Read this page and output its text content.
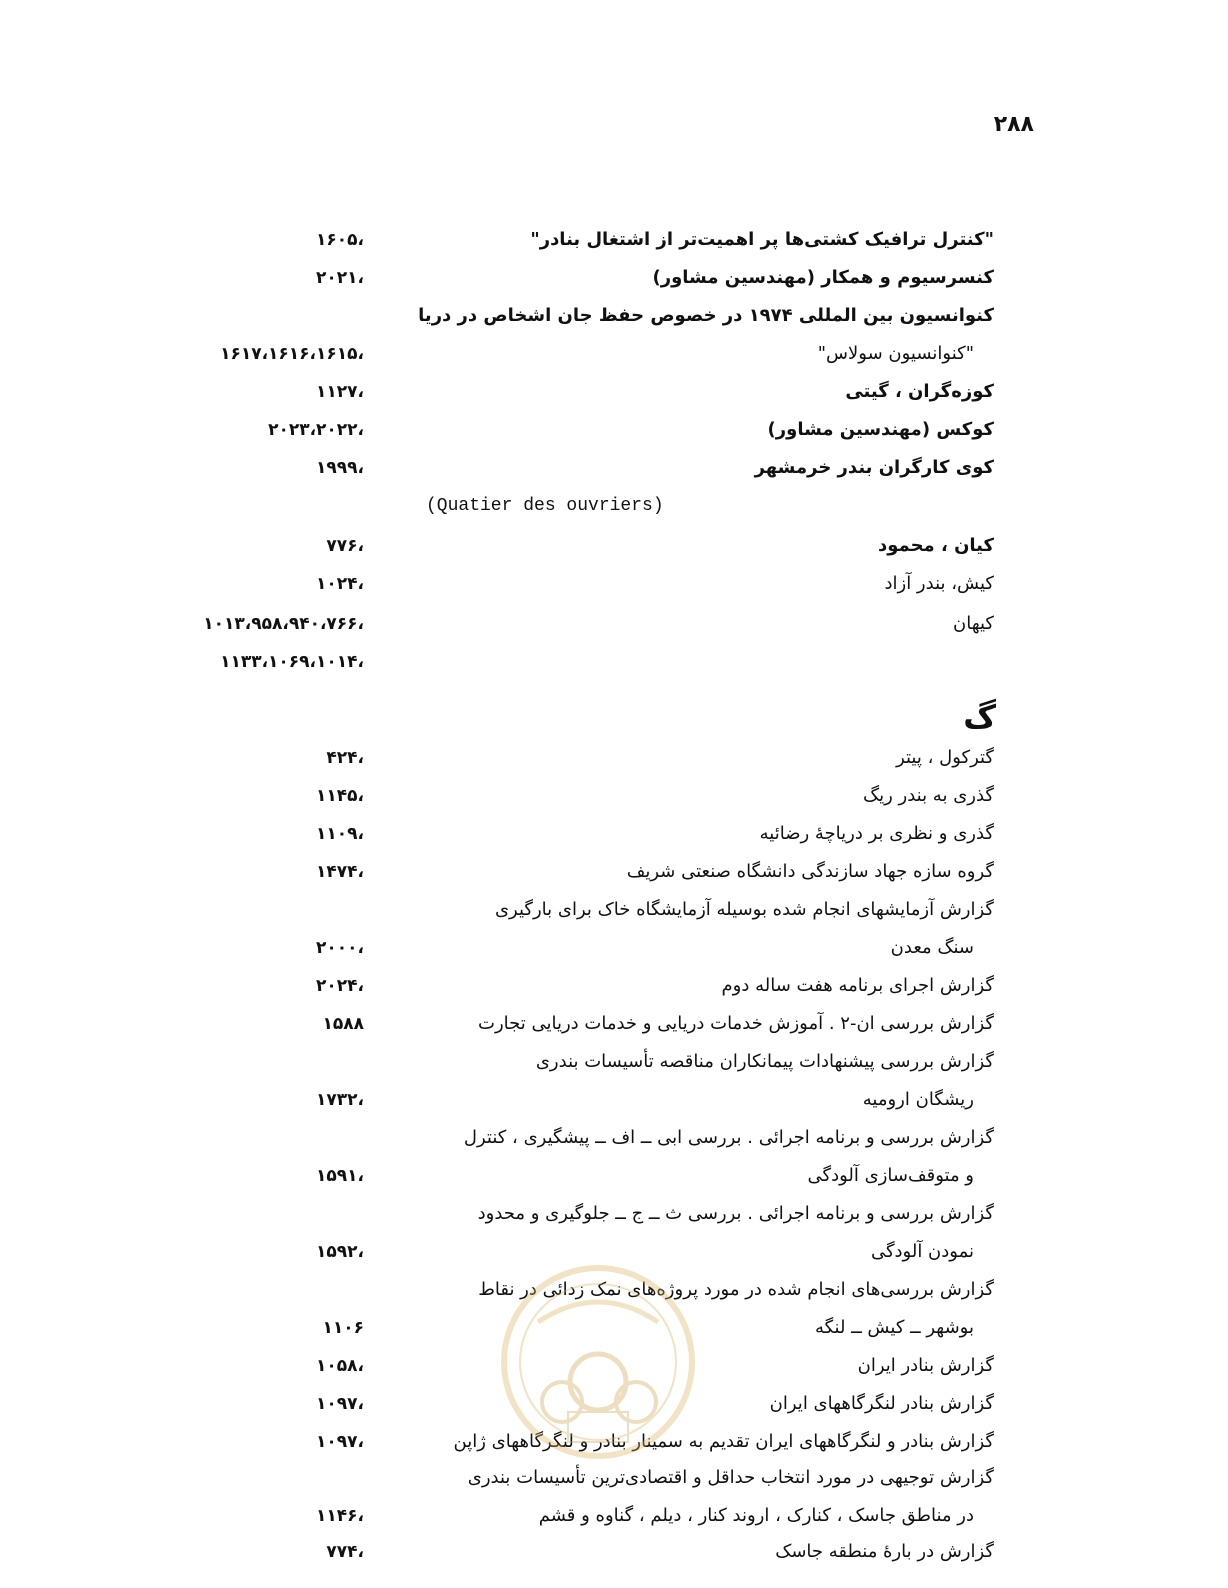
۲۸۸
"کنترل ترافیک کشتی‌ها پر اهمیت‌تر از اشتغال بنادر"
،۱۶۰۵
کنسرسیوم و همکار (مهندسین مشاور)
،۲۰۲۱
کنوانسیون بین المللی ۱۹۷۴ در خصوص حفظ جان اشخاص در دریا
"کنوانسیون سولاس"
،۱۶۱۷،۱۶۱۶،۱۶۱۵
کوزه‌گران ، گیتی
،۱۱۲۷
کوکس (مهندسین مشاور)
،۲۰۲۳،۲۰۲۲
کوی کارگران بندر خرمشهر
،۱۹۹۹
(Quatier des ouvriers)
کیان ، محمود
،۷۷۶
کیش، بندر آزاد
،۱۰۲۴
کیهان
،۱۰۱۳،۹۵۸،۹۴۰،۷۶۶
،۱۱۳۳،۱۰۶۹،۱۰۱۴
گترکول ، پیتر
،۴۲۴
گذری به بندر ریگ
،۱۱۴۵
گذری و نظری بر دریاچه‌ٔ رضائیه
،۱۱۰۹
گروه سازه جهاد سازندگی دانشگاه صنعتی شریف
،۱۴۷۴
گزارش آزمایشهای انجام شده بوسیله آزمایشگاه خاک برای بارگیری
سنگ معدن
،۲۰۰۰
گزارش اجرای برنامه هفت ساله دوم
،۲۰۲۴
گزارش بررسی ان-۲ . آموزش خدمات دریایی و خدمات دریایی تجارت
۱۵۸۸
گزارش بررسی پیشنهادات پیمانکاران مناقصه تأسیسات بندری
ریشگان ارومیه
،۱۷۳۲
گزارش بررسی و برنامه اجرائی . بررسی ابی ــ اف ــ پیشگیری ، کنترل
و متوقف‌سازی آلودگی
،۱۵۹۱
گزارش بررسی و برنامه اجرائی . بررسی ث ــ ج ــ جلوگیری و محدود
نمودن آلودگی
،۱۵۹۲
گزارش بررسی‌های انجام شده در مورد پروژه‌های نمک زدائی در نقاط
بوشهر ــ کیش ــ لنگه
۱۱۰۶
گزارش بنادر ایران
،۱۰۵۸
گزارش بنادر لنگرگاههای ایران
،۱۰۹۷
گزارش بنادر و لنگرگاههای ایران تقدیم به سمینار بنادر و لنگرگاههای ژاپن
،۱۰۹۷
گزارش توجیهی در مورد انتخاب حداقل و اقتصادی‌ترین تأسیسات بندری
در مناطق جاسک ، کنارک ، اروند کنار ، دیلم ، گناوه و قشم
،۱۱۴۶
گزارش در بارهٔ منطقه جاسک
،۷۷۴
گ
